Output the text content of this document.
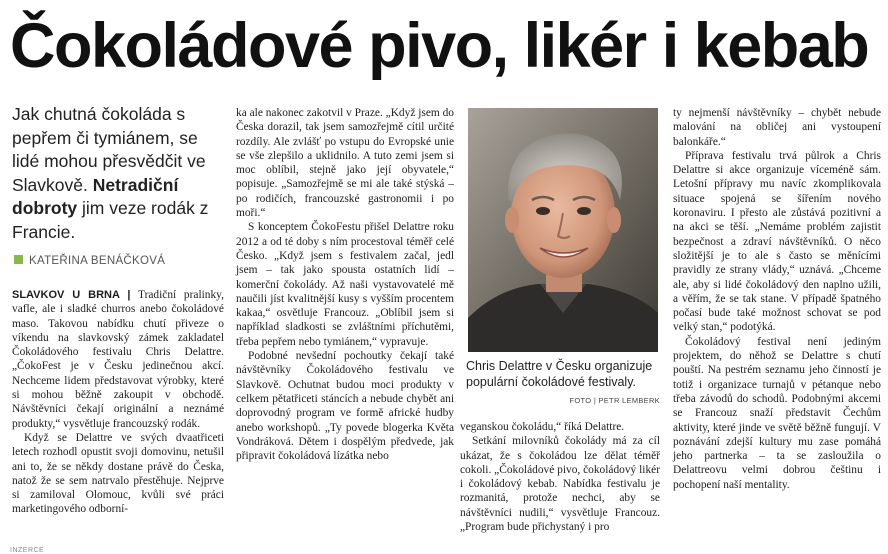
Čokoládové pivo, likér i kebab

Jak chutná čokoláda s pepřem či tymiánem, se lidé mohou přesvědčit ve Slavkově. Netradiční dobroty jim veze rodák z Francie.

KATEŘINA BENÁČKOVÁ

SLAVKOV U BRNA | Tradiční pralinky, vafle, ale i sladké churros anebo čokoládové maso. Takovou nabídku chutí přiveze o víkendu na slavkovský zámek zakladatel Čokoládového festivalu Chris Delattre. „ČokoFest je v Česku jedinečnou akcí. Nechceme lidem představovat výrobky, které si mohou běžně zakoupit v obchodě. Návštěvníci čekají originální a neznámé produkty,“ vysvětluje francouzský rodák.

Když se Delattre ve svých dvaatřiceti letech rozhodl opustit svoji domovinu, netušil ani to, že se někdy dostane právě do Česka, natož že se sem natrvalo přestěhuje. Nejprve si zamiloval Olomouc, kvůli své práci marketingového odborní-

ka ale nakonec zakotvil v Praze. „Když jsem do Česka dorazil, tak jsem samozřejmě cítil určité rozdíly. Ale zvlášť po vstupu do Evropské unie se vše zlepšilo a uklidnilo. A tuto zemi jsem si moc oblíbil, stejně jako její obyvatele,“ popisuje. „Samozřejmě se mi ale také stýská – po rodičích, francouzské gastronomii i po moři.“

S konceptem ČokoFestu přišel Delattre roku 2012 a od té doby s ním procestoval téměř celé Česko. „Když jsem s festivalem začal, jedl jsem – tak jako spousta ostatních lidí – komerční čokolády. Až naši vystavovatelé mě naučili jíst kvalitnější kusy s vyšším procentem kakaa,“ osvětluje Francouz. „Oblíbil jsem si například sladkosti se zvláštními příchutěmi, třeba pepřem nebo tymiánem,“ vypravuje.

Podobné nevšední pochoutky čekají také návštěvníky Čokoládového festivalu ve Slavkově. Ochutnat budou moci produkty v celkem pětatřiceti stáncích a nebude chybět ani doprovodný program ve formě africké hudby anebo workshopů. „Ty povede blogerka Květa Vondráková. Dětem i dospělým předvede, jak připravit čokoládová lízátka nebo

Chris Delattre v Česku organizuje populární čokoládové festivaly.
FOTO | PETR LEMBERK

veganskou čokoládu,“ říká Delattre.

Setkání milovníků čokolády má za cíl ukázat, že s čokoládou lze dělat téměř cokoli. „Čokoládové pivo, čokoládový likér i čokoládový kebab. Nabídka festivalu je rozmanitá, protože nechci, aby se návštěvníci nudili,“ vysvětluje Francouz. „Program bude přichystaný i pro

ty nejmenší návštěvníky – chybět nebude malování na obličej ani vystoupení balonkáře.“

Příprava festivalu trvá půlrok a Chris Delattre si akce organizuje víceméně sám. Letošní přípravy mu navíc zkomplikovala situace spojená se šířením nového koronaviru. I přesto ale zůstává pozitivní a na akci se těší. „Nemáme problém zajistit bezpečnost a zdraví návštěvníků. O něco složitější je to ale s často se měnícími pravidly ze strany vlády,“ uznává. „Chceme ale, aby si lidé čokoládový den naplno užili, a věřím, že se tak stane. V případě špatného počasí bude také možnost schovat se pod velký stan,“ podotýká.

Čokoládový festival není jediným projektem, do něhož se Delattre s chutí pouští. Na pestrém seznamu jeho činností je totiž i organizace turnajů v pétanque nebo třeba závodů do schodů. Podobnými akcemi se Francouz snaží představit Čechům aktivity, které jinde ve světě běžně fungují. V poznávání zdejší kultury mu zase pomáhá jeho partnerka – ta se zasloužila o Delattreovu velmi dobrou češtinu i pochopení naší mentality.

INZERCE
